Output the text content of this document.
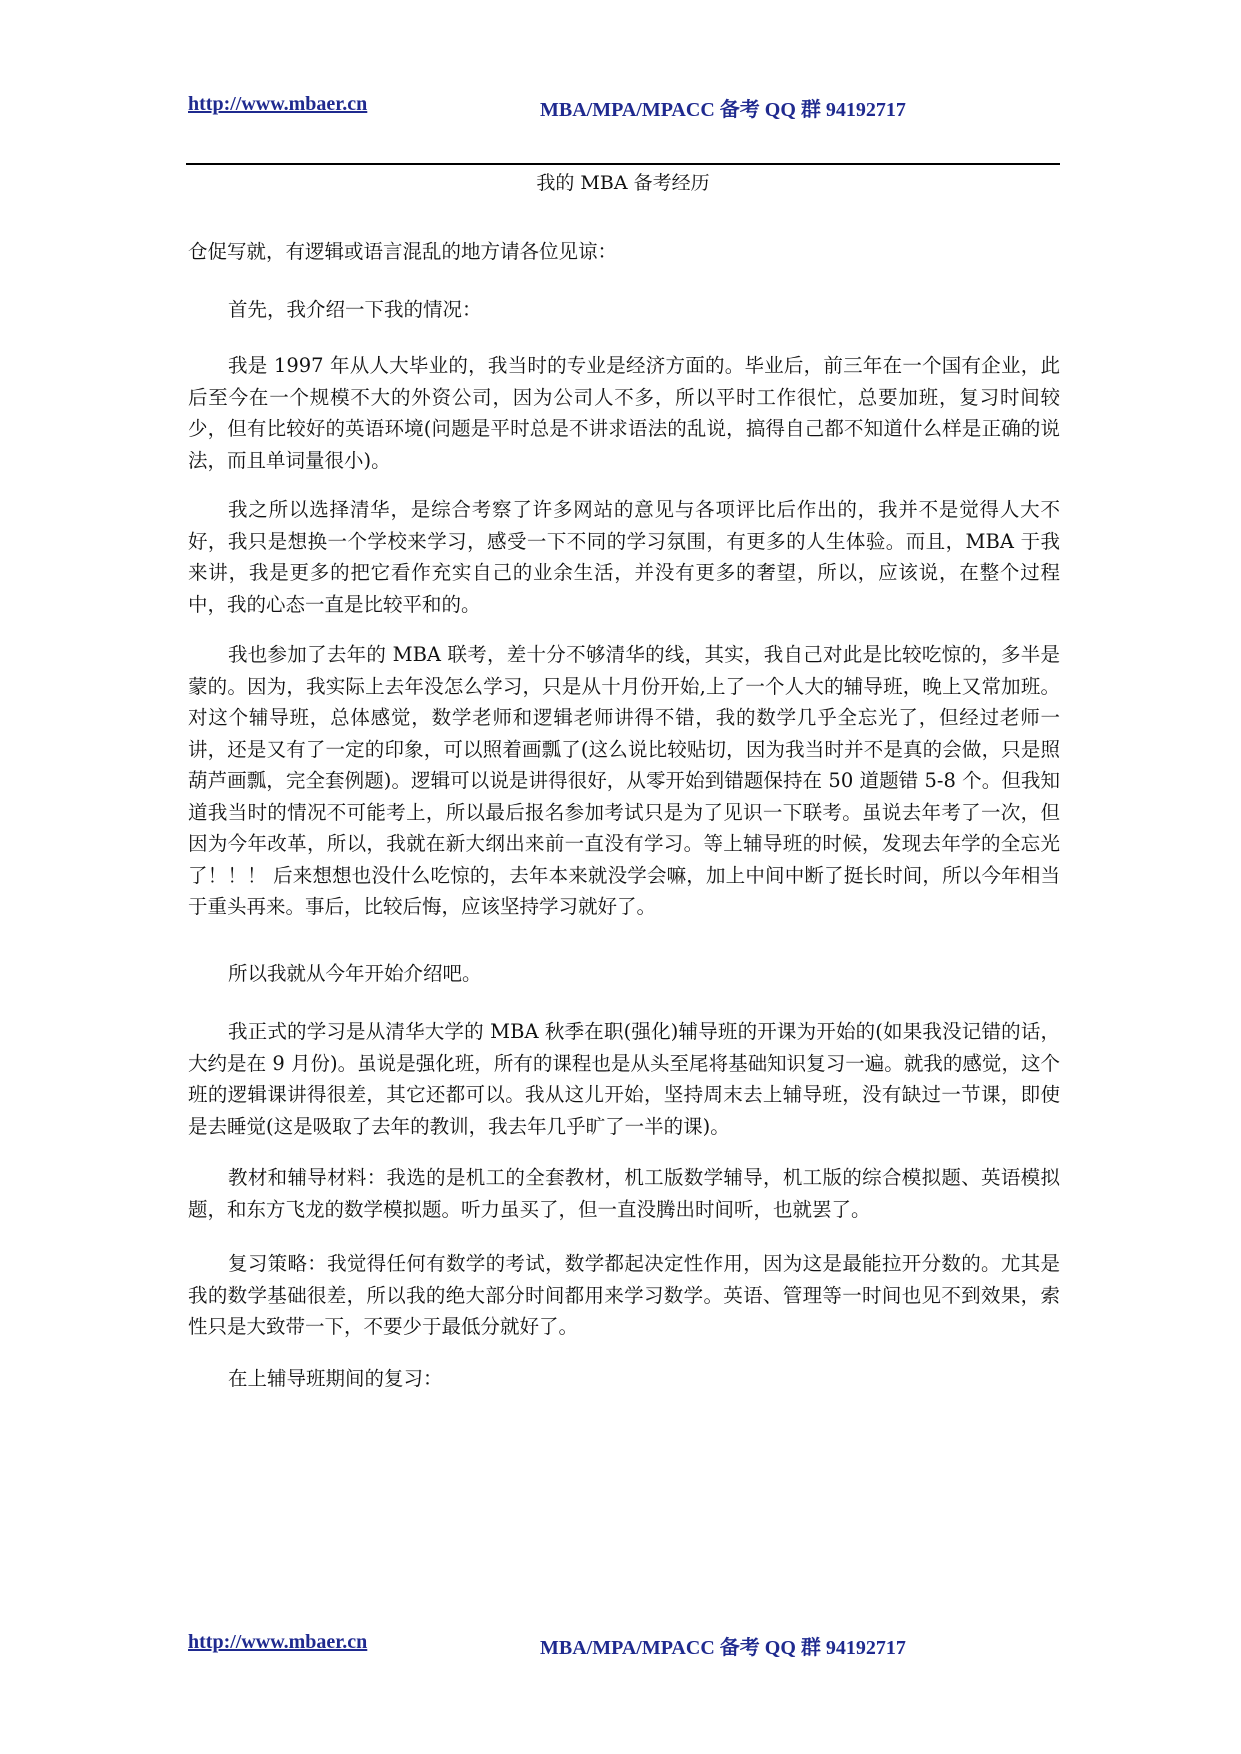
http://www.mbaer.cn	MBA/MPA/MPACC 备考 QQ 群 94192717
我的 MBA 备考经历

仓促写就，有逻辑或语言混乱的地方请各位见谅：

首先，我介绍一下我的情况：

我是 1997 年从人大毕业的，我当时的专业是经济方面的。毕业后，前三年在一个国有企业，此后至今在一个规模不大的外资公司，因为公司人不多，所以平时工作很忙，总要加班，复习时间较少，但有比较好的英语环境(问题是平时总是不讲求语法的乱说，搞得自己都不知道什么样是正确的说法，而且单词量很小)。

我之所以选择清华，是综合考察了许多网站的意见与各项评比后作出的，我并不是觉得人大不好，我只是想换一个学校来学习，感受一下不同的学习氛围，有更多的人生体验。而且，MBA 于我来讲，我是更多的把它看作充实自己的业余生活，并没有更多的奢望，所以，应该说，在整个过程中，我的心态一直是比较平和的。

我也参加了去年的 MBA 联考，差十分不够清华的线，其实，我自己对此是比较吃惊的，多半是蒙的。因为，我实际上去年没怎么学习，只是从十月份开始,上了一个人大的辅导班，晚上又常加班。对这个辅导班，总体感觉，数学老师和逻辑老师讲得不错，我的数学几乎全忘光了，但经过老师一讲，还是又有了一定的印象，可以照着画瓢了(这么说比较贴切，因为我当时并不是真的会做，只是照葫芦画瓢，完全套例题)。逻辑可以说是讲得很好，从零开始到错题保持在 50 道题错 5-8 个。但我知道我当时的情况不可能考上，所以最后报名参加考试只是为了见识一下联考。虽说去年考了一次，但因为今年改革，所以，我就在新大纲出来前一直没有学习。等上辅导班的时候，发现去年学的全忘光了！！！ 后来想想也没什么吃惊的，去年本来就没学会嘛，加上中间中断了挺长时间，所以今年相当于重头再来。事后，比较后悔，应该坚持学习就好了。

所以我就从今年开始介绍吧。

我正式的学习是从清华大学的 MBA 秋季在职(强化)辅导班的开课为开始的(如果我没记错的话，大约是在 9 月份)。虽说是强化班，所有的课程也是从头至尾将基础知识复习一遍。就我的感觉，这个班的逻辑课讲得很差，其它还都可以。我从这儿开始，坚持周末去上辅导班，没有缺过一节课，即使是去睡觉(这是吸取了去年的教训，我去年几乎旷了一半的课)。

教材和辅导材料：我选的是机工的全套教材，机工版数学辅导，机工版的综合模拟题、英语模拟题，和东方飞龙的数学模拟题。听力虽买了，但一直没腾出时间听，也就罢了。

复习策略：我觉得任何有数学的考试，数学都起决定性作用，因为这是最能拉开分数的。尤其是我的数学基础很差，所以我的绝大部分时间都用来学习数学。英语、管理等一时间也见不到效果，索性只是大致带一下，不要少于最低分就好了。

在上辅导班期间的复习：

http://www.mbaer.cn	MBA/MPA/MPACC 备考 QQ 群 94192717
